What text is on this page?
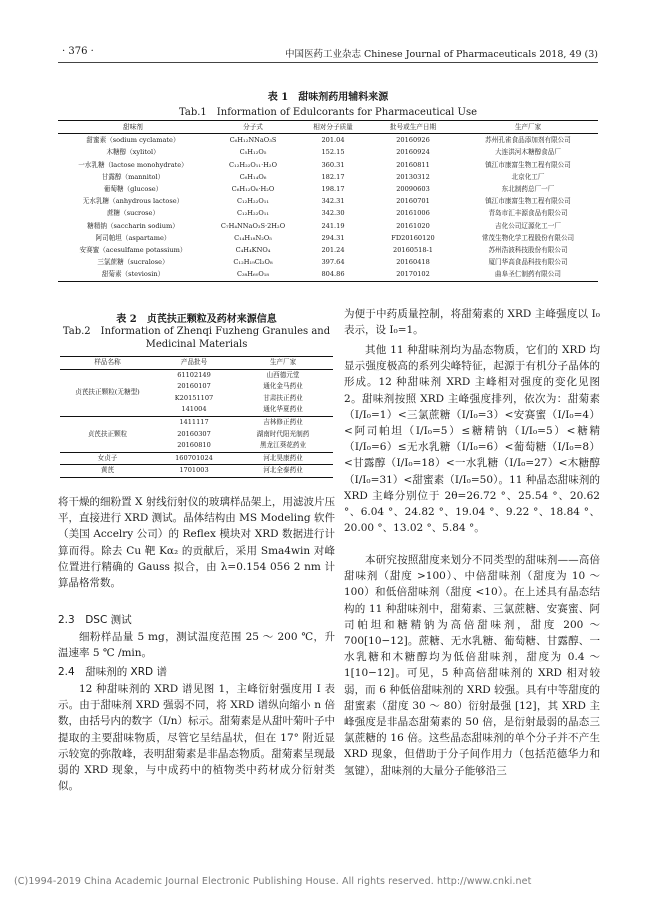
· 376 ·	中国医药工业杂志 Chinese Journal of Pharmaceuticals 2018, 49 (3)
表 1　甜味剂药用辅料来源
Tab.1　Information of Edulcorants for Pharmaceutical Use
甜味剂	分子式	相对分子质量	批号或生产日期	生产厂家
甜蜜素（sodium cyclamate）	C₆H₁₂NNaO₃S	201.04	20160926	苏州孔雀食品添加剂有限公司
木糖醇（xylitol）	C₅H₁₂O₅	152.15	20160924	大连洪河木糖醇食品厂
一水乳糖（lactose monohydrate）	C₁₂H₂₂O₁₁·H₂O	360.31	20160811	镇江市康富生物工程有限公司
甘露醇（mannitol）	C₆H₁₄O₆	182.17	20130312	北京化工厂
葡萄糖（glucose）	C₆H₁₂O₆·H₂O	198.17	20090603	东北制药总厂一厂
无水乳糖（anhydrous lactose）	C₁₂H₂₂O₁₁	342.31	20160701	镇江市康富生物工程有限公司
蔗糖（sucrose）	C₁₂H₂₂O₁₁	342.30	20161006	青岛市汇丰源食品有限公司
糖精钠（saccharin sodium）	C₇H₄NNaO₃S·2H₂O	241.19	20161020	吉化公司辽源化工一厂
阿司帕坦（aspartame）	C₁₄H₁₈N₂O₅	294.31	FD20160120	常茂生物化学工程股份有限公司
安赛蜜（acesulfame potassium）	C₄H₄KNO₄	201.24	20160518-1	苏州浩波科技股份有限公司
三氯蔗糖（sucralose）	C₁₂H₁₉Cl₃O₈	397.64	20160418	厦门华高食品科技有限公司
甜菊素（steviosin）	C₃₈H₆₀O₁₈	804.86	20170102	曲阜圣仁制药有限公司
表 2　贞芪扶正颗粒及药材来源信息
Tab.2　Information of Zhenqi Fuzheng Granules and
Medicinal Materials
样品名称	产品批号	生产厂家
贞芪扶正颗粒(无糖型)	61102149	山西德元堂
	20160107	通化金马药业
	K20151107	甘肃扶正药业
	141004	通化华夏药业
贞芪扶正颗粒	1411117	吉林修正药业
	20160307	湖南时代阳光制药
	20160810	黑龙江葵花药业
女贞子	160701024	河北昊康药业
黄芪	1701003	河北全泰药业
将干燥的细粉置 X 射线衍射仪的玻璃样品架上，用滤波片压平，直接进行 XRD 测试。晶体结构由 MS Modeling 软件（美国 Accelry 公司）的 Reflex 模块对 XRD 数据进行计算而得。除去 Cu 靶 Kα₂ 的贡献后，采用 Sma4win 对峰位置进行精确的 Gauss 拟合，由 λ=0.154 056 2 nm 计算晶格常数。
2.3　DSC 测试
细粉样品量 5 mg，测试温度范围 25 ～ 200 ℃，升温速率 5 ℃ /min。
2.4　甜味剂的 XRD 谱
12 种甜味剂的 XRD 谱见图 1，主峰衍射强度用 I 表示。由于甜味剂 XRD 强弱不同，将 XRD 谱纵向缩小 n 倍数，由括号内的数字（I/n）标示。甜菊素是从甜叶菊叶子中提取的主要甜味物质，尽管它呈结晶状，但在 17° 附近显示较宽的弥散峰，表明甜菊素是非晶态物质。甜菊素呈现最弱的 XRD 现象，与中成药中的植物类中药材成分衍射类似。
为便于中药质量控制，将甜菊素的 XRD 主峰强度以 I₀ 表示，设 I₀=1。
其他 11 种甜味剂均为晶态物质，它们的 XRD 均显示强度极高的系列尖峰特征，起源于有机分子晶体的形成。12 种甜味剂 XRD 主峰相对强度的变化见图 2。甜味剂按照 XRD 主峰强度排列，依次为：甜菊素（I/I₀=1）<三氯蔗糖（I/I₀=3）<安赛蜜（I/I₀=4）<阿司帕坦（I/I₀=5）≤糖精钠（I/I₀=5）<糖精（I/I₀=6）≤无水乳糖（I/I₀=6）<葡萄糖（I/I₀=8）<甘露醇（I/I₀=18）<一水乳糖（I/I₀=27）<木糖醇（I/I₀=31）<甜蜜素（I/I₀=50）。11 种晶态甜味剂的 XRD 主峰分别位于 2θ=26.72 °、25.54 °、20.62 °、6.04 °、24.82 °、19.04 °、9.22 °、18.84 °、20.00 °、13.02 °、5.84 °。
本研究按照甜度来划分不同类型的甜味剂——高倍甜味剂（甜度 >100）、中倍甜味剂（甜度为 10 ～ 100）和低倍甜味剂（甜度 <10）。在上述具有晶态结构的 11 种甜味剂中，甜菊素、三氯蔗糖、安赛蜜、阿司帕坦和糖精钠为高倍甜味剂，甜度 200 ～ 700[10−12]。蔗糖、无水乳糖、葡萄糖、甘露醇、一水乳糖和木糖醇均为低倍甜味剂，甜度为 0.4 ～ 1[10−12]。可见，5 种高倍甜味剂的 XRD 相对较弱，而 6 种低倍甜味剂的 XRD 较强。具有中等甜度的甜蜜素（甜度 30 ～ 80）衍射最强 [12]，其 XRD 主峰强度是非晶态甜菊素的 50 倍，是衍射最弱的晶态三氯蔗糖的 16 倍。这些晶态甜味剂的单个分子并不产生 XRD 现象，但借助于分子间作用力（包括范德华力和氢键），甜味剂的大量分子能够沿三
(C)1994-2019 China Academic Journal Electronic Publishing House. All rights reserved. http://www.cnki.net
